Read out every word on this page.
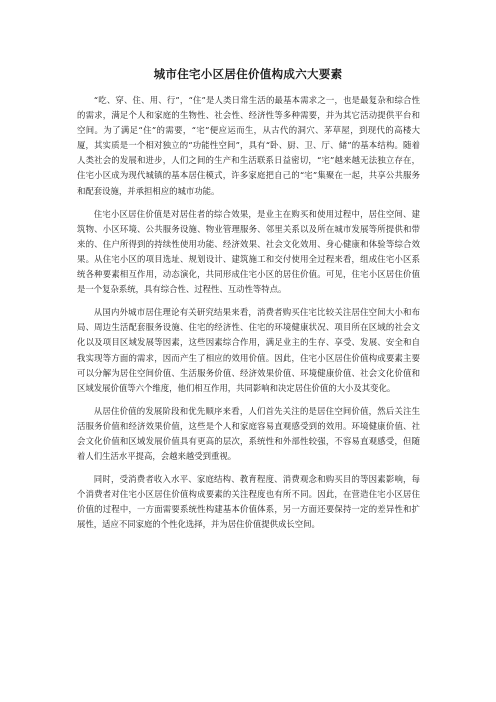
城市住宅小区居住价值构成六大要素

“吃、穿、住、用、行”，“住”是人类日常生活的最基本需求之一，也是最复杂和综合性的需求，满足个人和家庭的生物性、社会性、经济性等多种需要，并为其它活动提供平台和空间。为了满足“住”的需要，“宅”便应运而生，从古代的洞穴、茅草屋，到现代的高楼大厦，其实质是一个相对独立的“功能性空间”，具有“卧、厨、卫、厅、储”的基本结构。随着人类社会的发展和进步，人们之间的生产和生活联系日益密切，“宅”越来越无法独立存在，住宅小区成为现代城镇的基本居住模式，许多家庭把自己的“宅”集聚在一起，共享公共服务和配套设施，并承担相应的城市功能。

住宅小区居住价值是对居住者的综合效果，是业主在购买和使用过程中，居住空间、建筑物、小区环境、公共服务设施、物业管理服务、邻里关系以及所在城市发展等所提供和带来的、住户所得到的持续性使用功能、经济效果、社会文化效用、身心健康和体验等综合效果。从住宅小区的项目选址、规划设计、建筑施工和交付使用全过程来看，组成住宅小区系统各种要素相互作用，动态演化，共同形成住宅小区的居住价值。可见，住宅小区居住价值是一个复杂系统，具有综合性、过程性、互动性等特点。

从国内外城市居住理论有关研究结果来看，消费者购买住宅比较关注居住空间大小和布局、周边生活配套服务设施、住宅的经济性、住宅的环境健康状况、项目所在区域的社会文化以及项目区域发展等因素，这些因素综合作用，满足业主的生存、享受、发展、安全和自我实现等方面的需求，因而产生了相应的效用价值。因此，住宅小区居住价值构成要素主要可以分解为居住空间价值、生活服务价值、经济效果价值、环境健康价值、社会文化价值和区域发展价值等六个维度，他们相互作用，共同影响和决定居住价值的大小及其变化。

从居住价值的发展阶段和优先顺序来看，人们首先关注的是居住空间价值，然后关注生活服务价值和经济效果价值，这些是个人和家庭容易直观感受到的效用。环境健康价值、社会文化价值和区域发展价值具有更高的层次，系统性和外部性较强，不容易直观感受，但随着人们生活水平提高，会越来越受到重视。

同时，受消费者收入水平、家庭结构、教育程度、消费观念和购买目的等因素影响，每个消费者对住宅小区居住价值构成要素的关注程度也有所不同。因此，在营造住宅小区居住价值的过程中，一方面需要系统性构建基本价值体系，另一方面还要保持一定的差异性和扩展性，适应不同家庭的个性化选择，并为居住价值提供成长空间。
